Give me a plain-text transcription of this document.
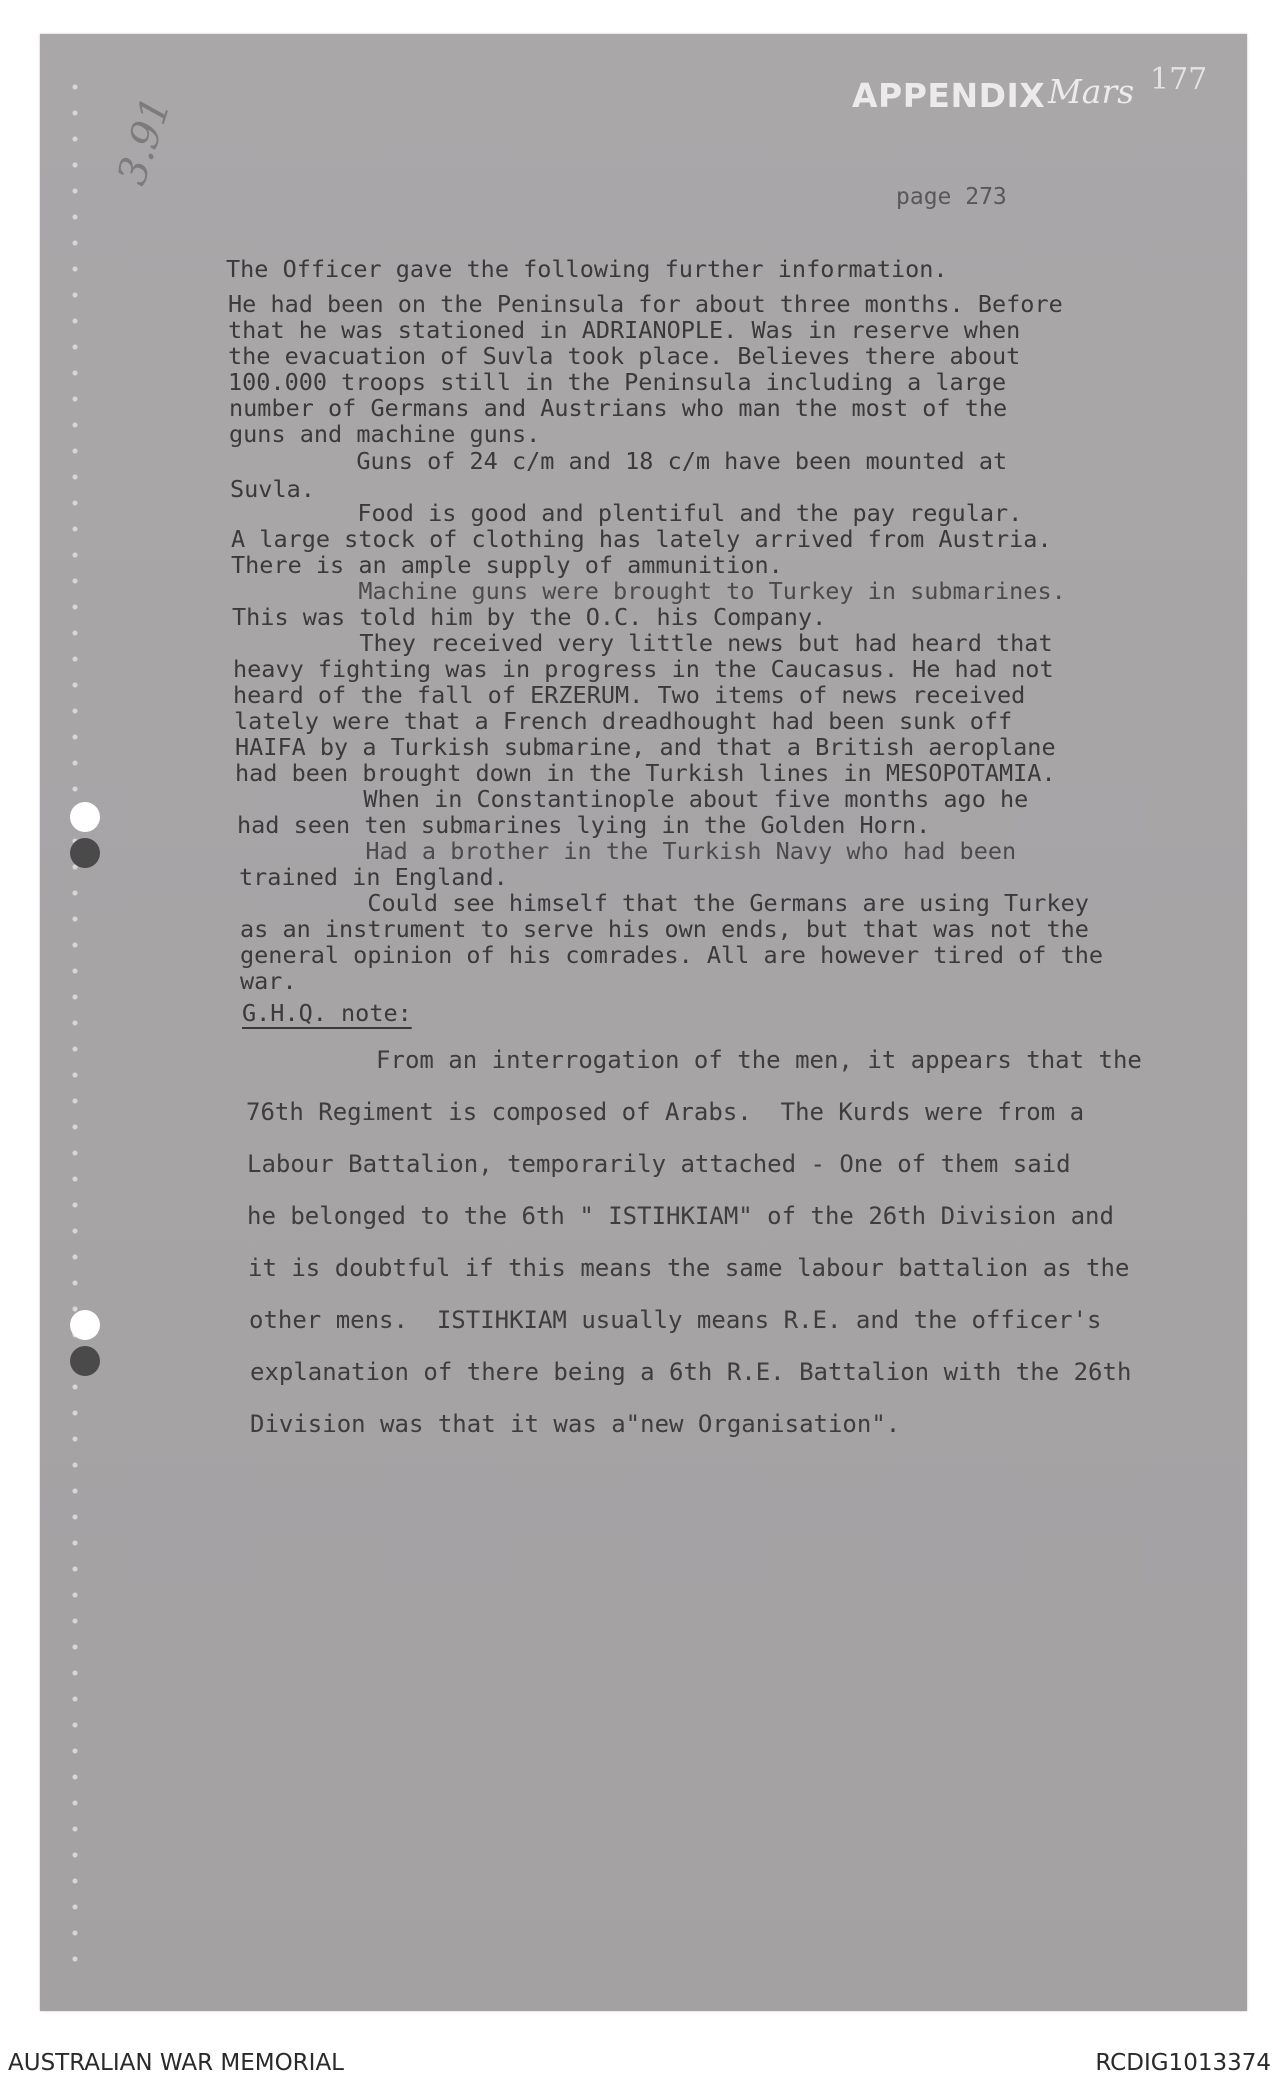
APPENDIX Mars 177
3.91
page 273
The Officer gave the following further information.
He had been on the Peninsula for about three months. Before
that he was stationed in ADRIANOPLE. Was in reserve when
the evacuation of Suvla took place. Believes there about
100.000 troops still in the Peninsula including a large
number of Germans and Austrians who man the most of the
guns and machine guns.
Guns of 24 c/m and 18 c/m have been mounted at
Suvla.
Food is good and plentiful and the pay regular.
A large stock of clothing has lately arrived from Austria.
There is an ample supply of ammunition.
Machine guns were brought to Turkey in submarines.
This was told him by the O.C. his Company.
They received very little news but had heard that
heavy fighting was in progress in the Caucasus. He had not
heard of the fall of ERZERUM. Two items of news received
lately were that a French dreadhought had been sunk off
HAIFA by a Turkish submarine, and that a British aeroplane
had been brought down in the Turkish lines in MESOPOTAMIA.
When in Constantinople about five months ago he
had seen ten submarines lying in the Golden Horn.
Had a brother in the Turkish Navy who had been
trained in England.
Could see himself that the Germans are using Turkey
as an instrument to serve his own ends, but that was not the
general opinion of his comrades. All are however tired of the
war.
G.H.Q. note:
From an interrogation of the men, it appears that the
76th Regiment is composed of Arabs.  The Kurds were from a
Labour Battalion, temporarily attached - One of them said
he belonged to the 6th " ISTIHKIAM" of the 26th Division and
it is doubtful if this means the same labour battalion as the
other mens.  ISTIHKIAM usually means R.E. and the officer's
explanation of there being a 6th R.E. Battalion with the 26th
Division was that it was a"new Organisation".
AUSTRALIAN WAR MEMORIAL	RCDIG1013374
